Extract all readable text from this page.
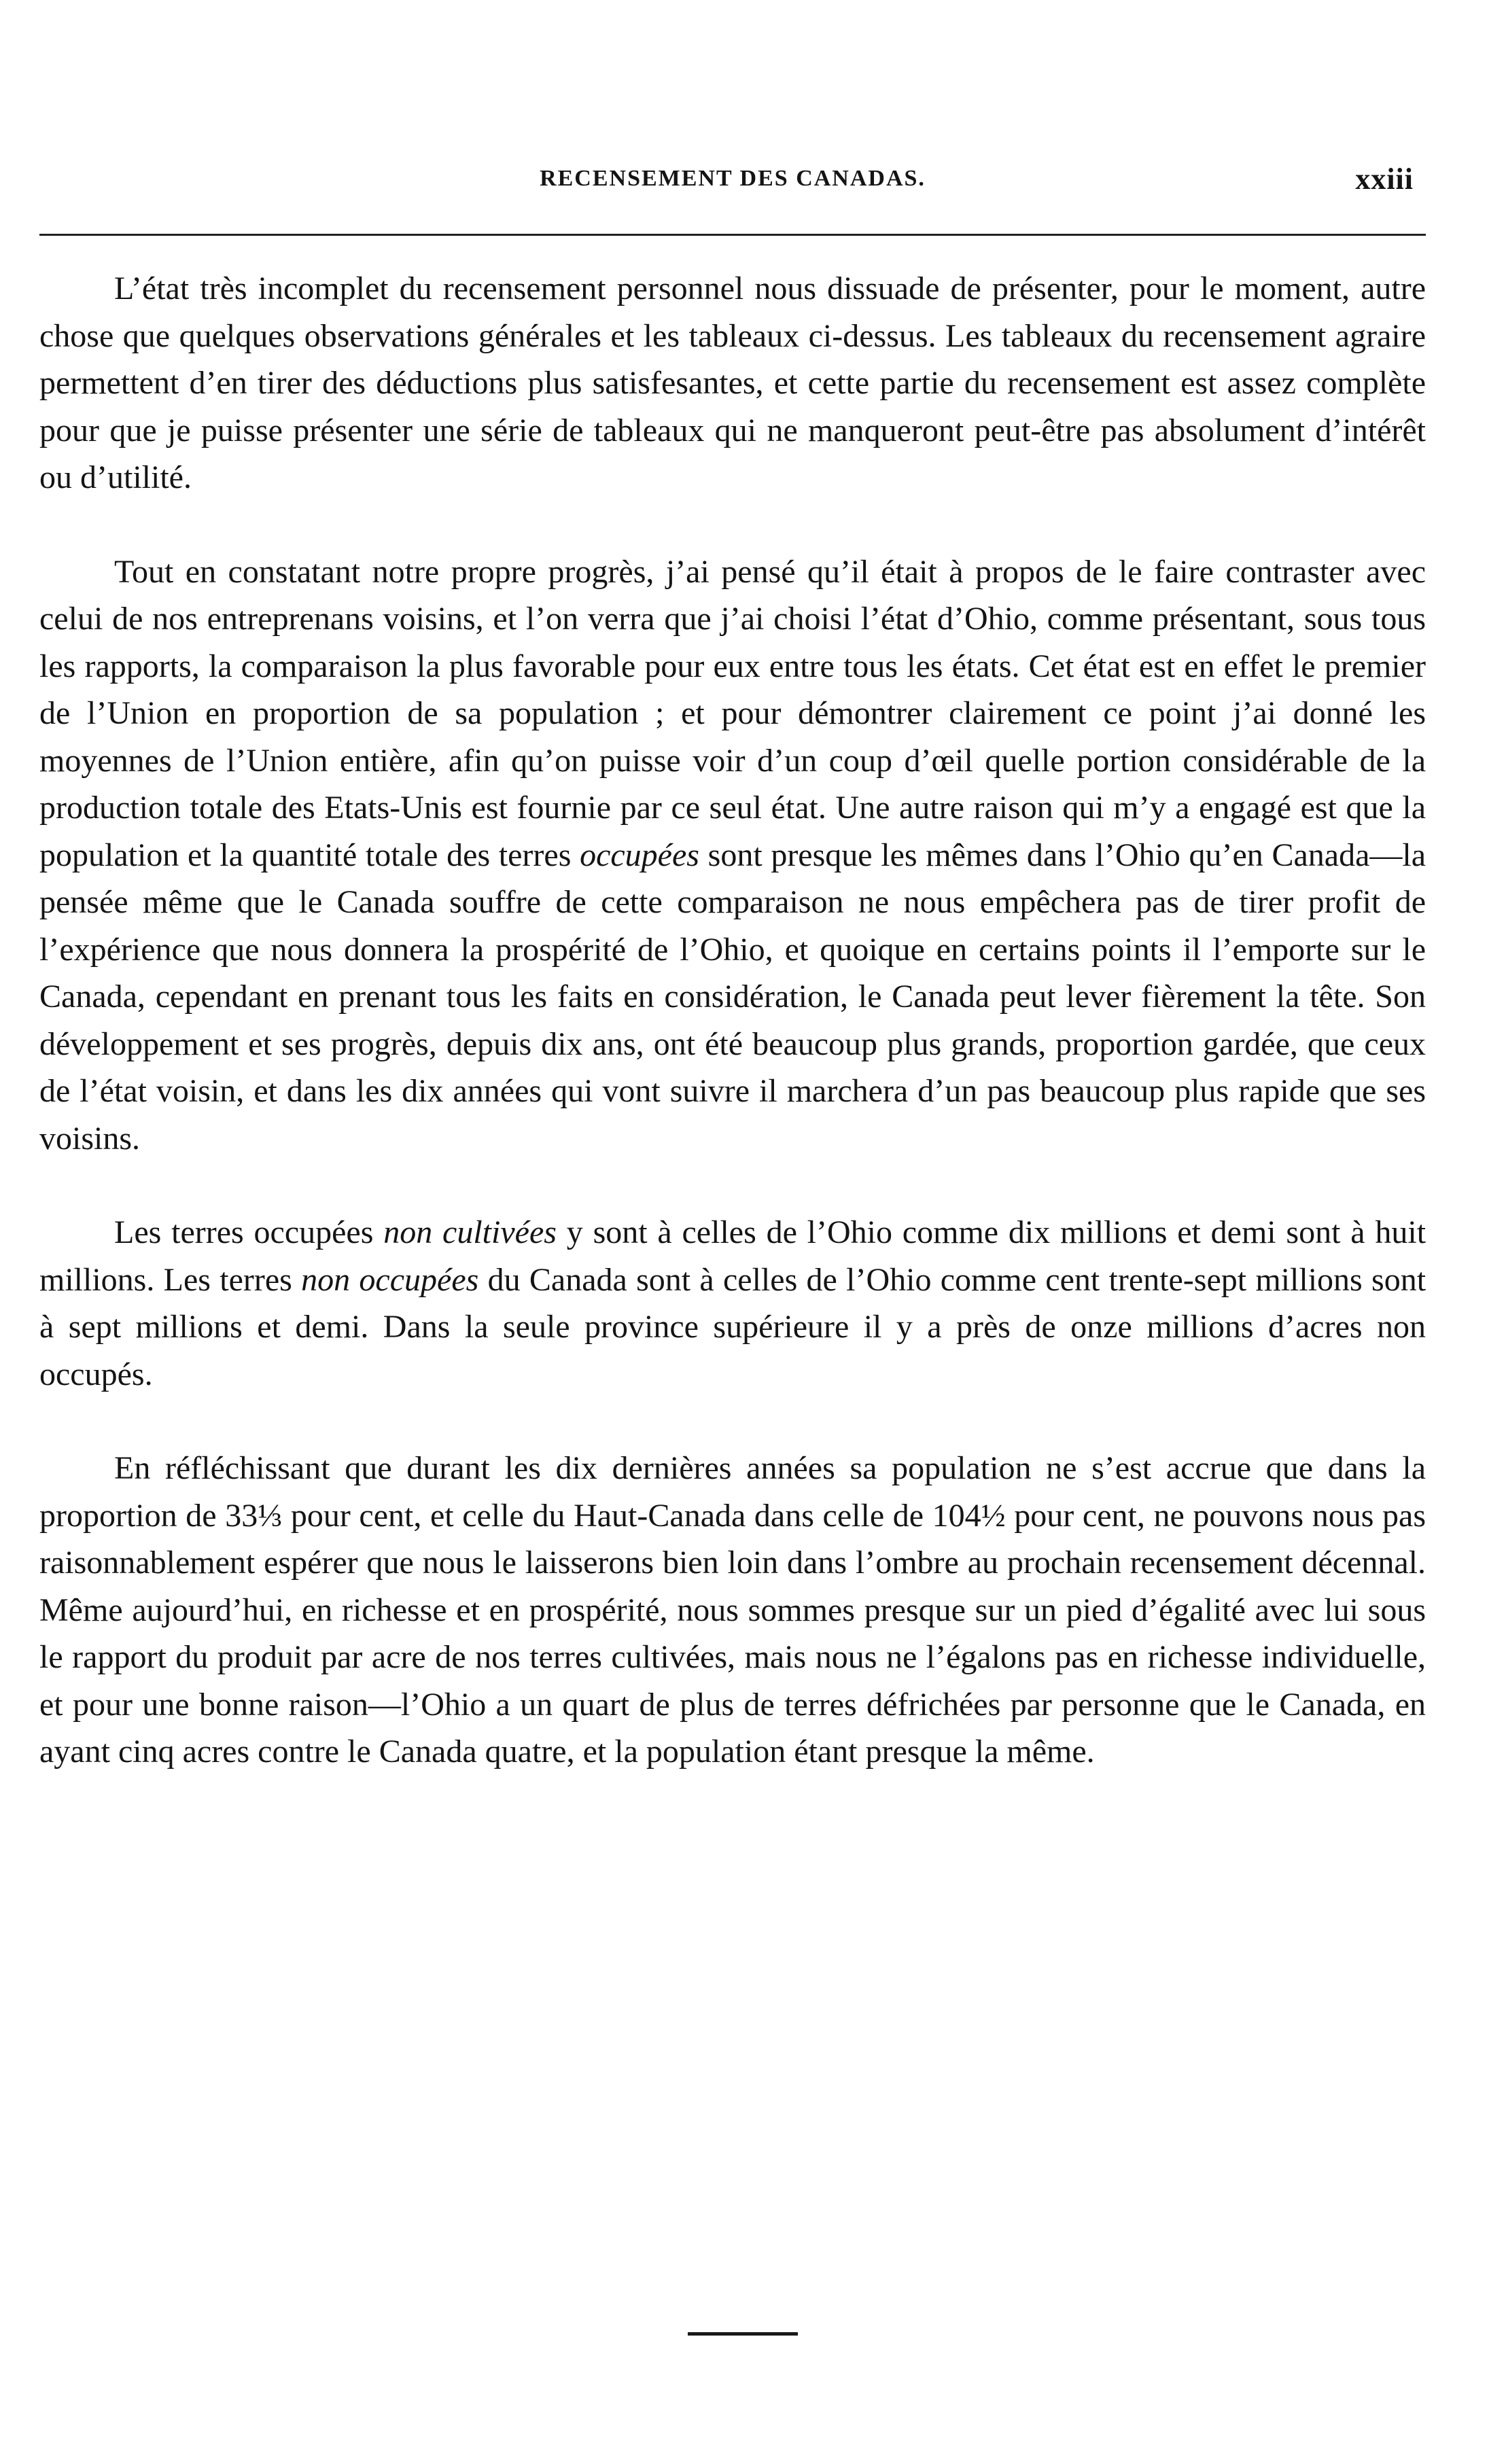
RECENSEMENT DES CANADAS.	xxiii

L’état très incomplet du recensement personnel nous dissuade de présenter, pour le moment, autre chose que quelques observations générales et les tableaux ci-dessus. Les tableaux du recensement agraire permettent d’en tirer des déductions plus satisfesantes, et cette partie du recensement est assez complète pour que je puisse présenter une série de tableaux qui ne manqueront peut-être pas absolument d’intérêt ou d’utilité.

Tout en constatant notre propre progrès, j’ai pensé qu’il était à propos de le faire contraster avec celui de nos entreprenans voisins, et l’on verra que j’ai choisi l’état d’Ohio, comme présentant, sous tous les rapports, la comparaison la plus favorable pour eux entre tous les états. Cet état est en effet le premier de l’Union en proportion de sa population ; et pour démontrer clairement ce point j’ai donné les moyennes de l’Union entière, afin qu’on puisse voir d’un coup d’œil quelle portion considérable de la production totale des Etats-Unis est fournie par ce seul état. Une autre raison qui m’y a engagé est que la population et la quantité totale des terres occupées sont presque les mêmes dans l’Ohio qu’en Canada—la pensée même que le Canada souffre de cette comparaison ne nous empêchera pas de tirer profit de l’expérience que nous donnera la prospérité de l’Ohio, et quoique en certains points il l’emporte sur le Canada, cependant en prenant tous les faits en considération, le Canada peut lever fièrement la tête. Son développement et ses progrès, depuis dix ans, ont été beaucoup plus grands, proportion gardée, que ceux de l’état voisin, et dans les dix années qui vont suivre il marchera d’un pas beaucoup plus rapide que ses voisins.

Les terres occupées non cultivées y sont à celles de l’Ohio comme dix millions et demi sont à huit millions. Les terres non occupées du Canada sont à celles de l’Ohio comme cent trente-sept millions sont à sept millions et demi. Dans la seule province supérieure il y a près de onze millions d’acres non occupés.

En réfléchissant que durant les dix dernières années sa population ne s’est accrue que dans la proportion de 33⅓ pour cent, et celle du Haut-Canada dans celle de 104½ pour cent, ne pouvons nous pas raisonnablement espérer que nous le laisserons bien loin dans l’ombre au prochain recensement décennal. Même aujourd’hui, en richesse et en prospérité, nous sommes presque sur un pied d’égalité avec lui sous le rapport du produit par acre de nos terres cultivées, mais nous ne l’égalons pas en richesse individuelle, et pour une bonne raison—l’Ohio a un quart de plus de terres défrichées par personne que le Canada, en ayant cinq acres contre le Canada quatre, et la population étant presque la même.
